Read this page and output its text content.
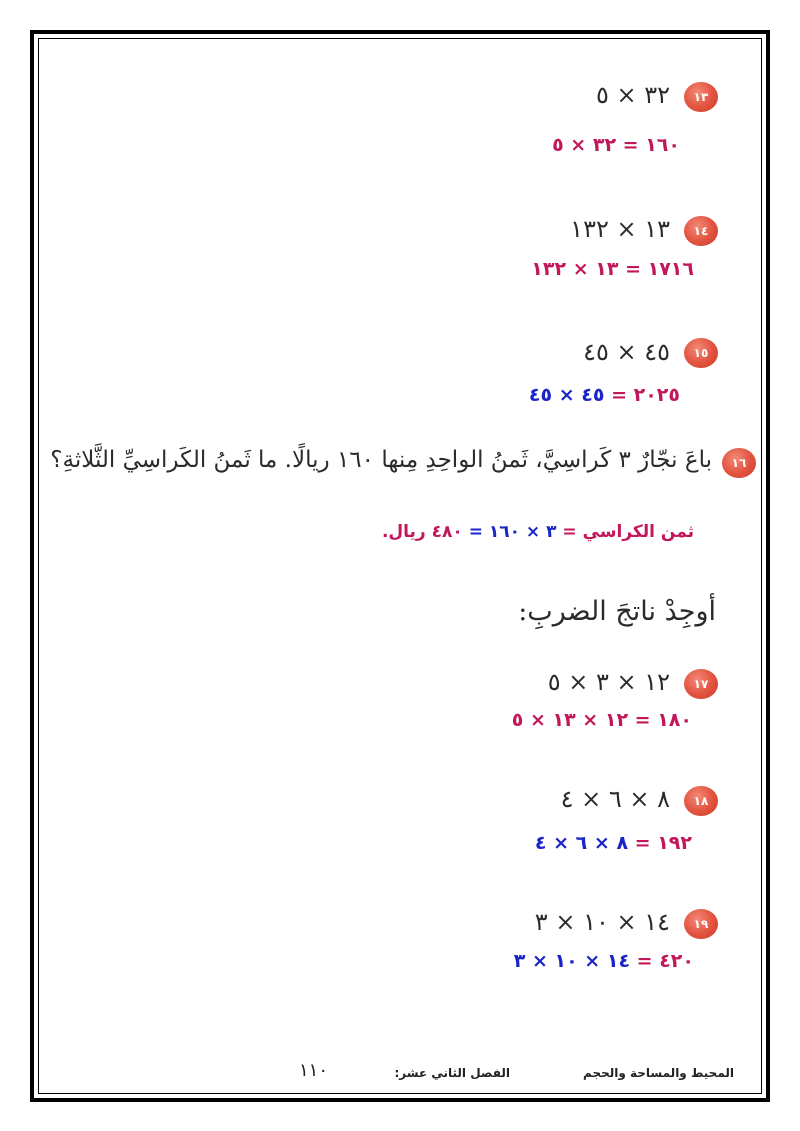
١٣
٣٢ × ٥
١٦٠ = ٣٢ × ٥
١٤
١٣ × ١٣٢
١٧١٦ = ١٣ × ١٣٢
١٥
٤٥ × ٤٥
٢٠٢٥ = ٤٥ × ٤٥
١٦
باعَ نجّارٌ ٣ كَراسِيَّ، ثَمنُ الواحِدِ مِنها ١٦٠ ريالًا. ما ثَمنُ الكَراسِيِّ الثَّلاثةِ؟
ثمن الكراسي = ٣ × ١٦٠ = ٤٨٠ ريال.
أوجِدْ ناتجَ الضربِ:
١٧
١٢ × ٣ × ٥
١٨٠ = ١٢ × ١٣ × ٥
١٨
٨ × ٦ × ٤
١٩٢ = ٨ × ٦ × ٤
١٩
١٤ × ١٠ × ٣
٤٢٠ = ١٤ × ١٠ × ٣
١١٠	الفصل الثاني عشر:	المحيط والمساحة والحجم
